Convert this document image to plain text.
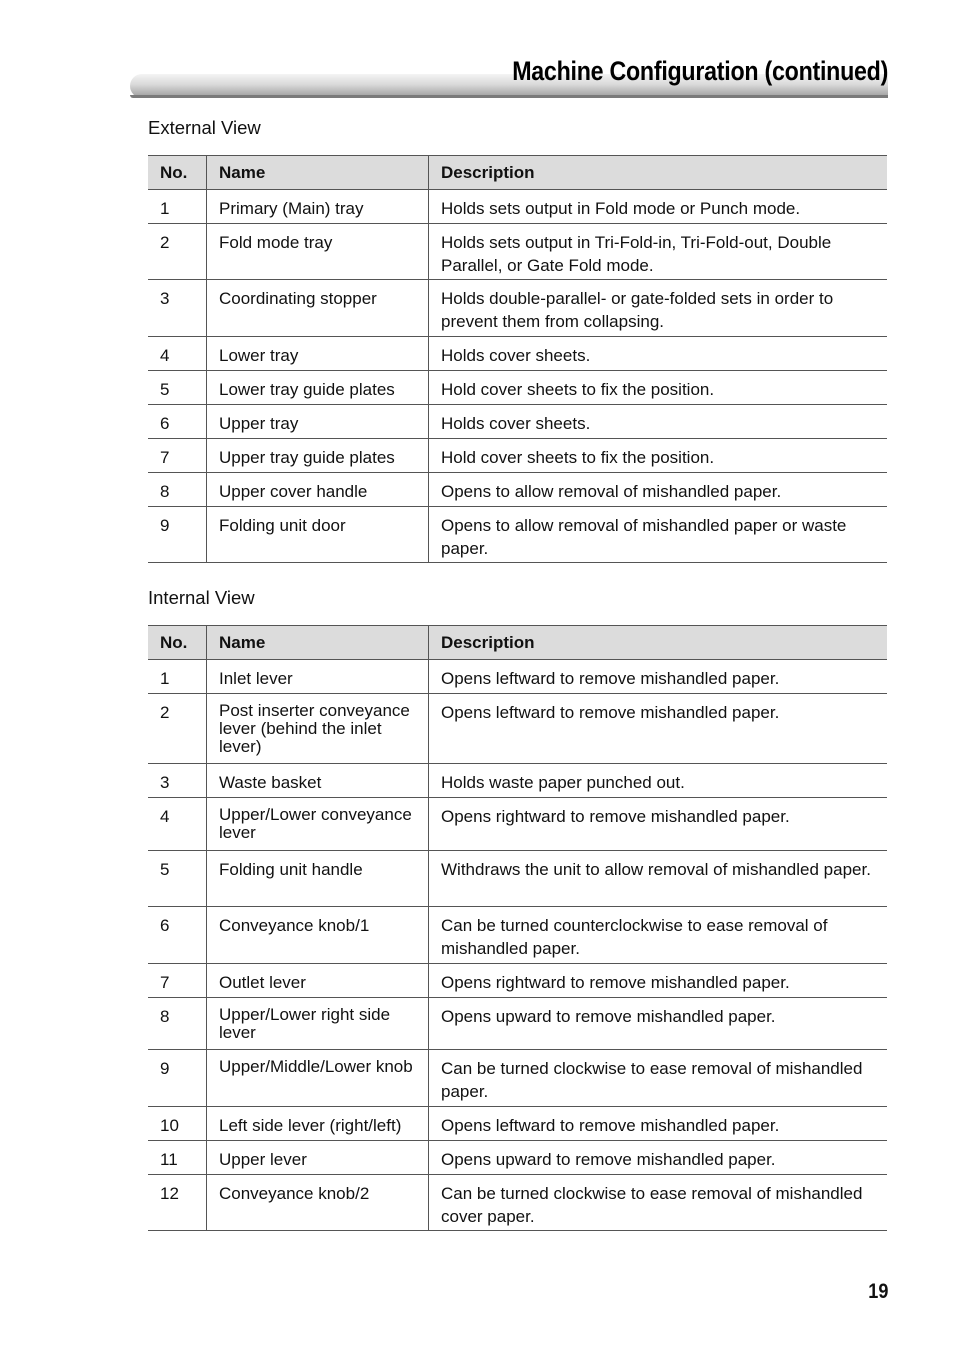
Machine Configuration (continued)
External View
No.	Name	Description
1	Primary (Main) tray	Holds sets output in Fold mode or Punch mode.
2	Fold mode tray	Holds sets output in Tri-Fold-in, Tri-Fold-out, Double Parallel, or Gate Fold mode.
3	Coordinating stopper	Holds double-parallel- or gate-folded sets in order to prevent them from collapsing.
4	Lower tray	Holds cover sheets.
5	Lower tray guide plates	Hold cover sheets to fix the position.
6	Upper tray	Holds cover sheets.
7	Upper tray guide plates	Hold cover sheets to fix the position.
8	Upper cover handle	Opens to allow removal of mishandled paper.
9	Folding unit door	Opens to allow removal of mishandled paper or waste paper.
Internal View
No.	Name	Description
1	Inlet lever	Opens leftward to remove mishandled paper.
2	Post inserter conveyance lever (behind the inlet lever)	Opens leftward to remove mishandled paper.
3	Waste basket	Holds waste paper punched out.
4	Upper/Lower conveyance lever	Opens rightward to remove mishandled paper.
5	Folding unit handle	Withdraws the unit to allow removal of mishandled paper.
6	Conveyance knob/1	Can be turned counterclockwise to ease removal of mishandled paper.
7	Outlet lever	Opens rightward to remove mishandled paper.
8	Upper/Lower right side lever	Opens upward to remove mishandled paper.
9	Upper/Middle/Lower knob	Can be turned clockwise to ease removal of mishandled paper.
10	Left side lever (right/left)	Opens leftward to remove mishandled paper.
11	Upper lever	Opens upward to remove mishandled paper.
12	Conveyance knob/2	Can be turned clockwise to ease removal of mishandled cover paper.
19
